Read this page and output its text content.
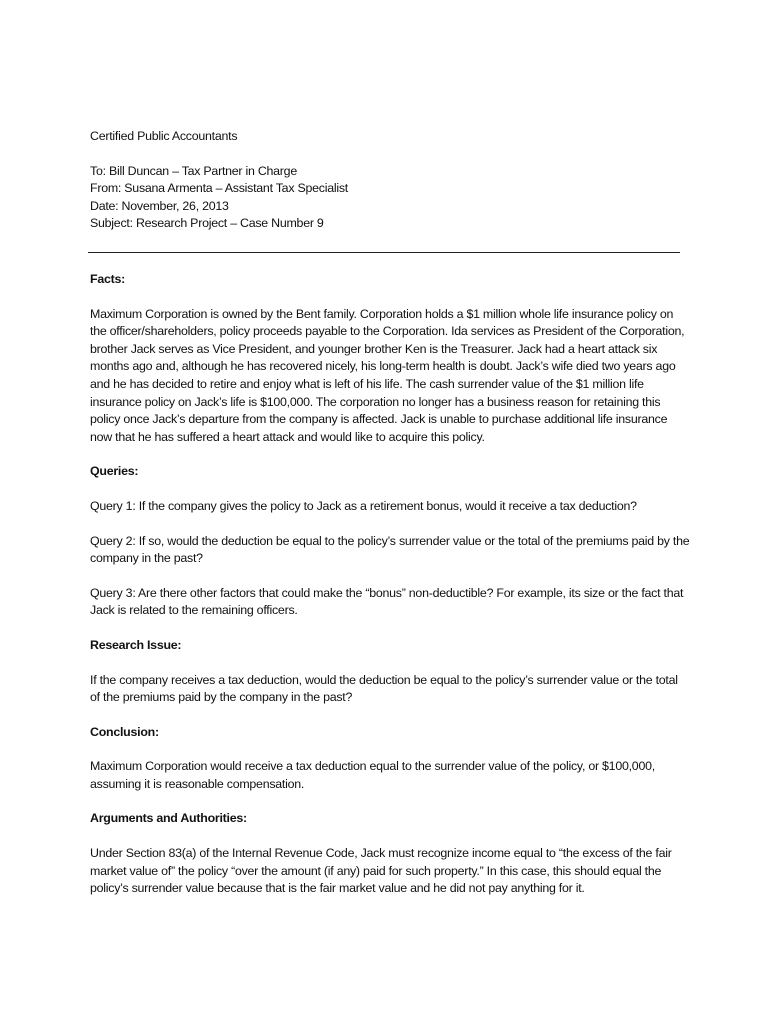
Certified Public Accountants

To: Bill Duncan – Tax Partner in Charge

From: Susana Armenta – Assistant Tax Specialist

Date: November, 26, 2013

Subject: Research Project – Case Number 9

Facts:

Maximum Corporation is owned by the Bent family. Corporation holds a $1 million whole life insurance policy on the officer/shareholders, policy proceeds payable to the Corporation. Ida services as President of the Corporation, brother Jack serves as Vice President, and younger brother Ken is the Treasurer. Jack had a heart attack six months ago and, although he has recovered nicely, his long-term health is doubt. Jack’s wife died two years ago and he has decided to retire and enjoy what is left of his life. The cash surrender value of the $1 million life insurance policy on Jack’s life is $100,000. The corporation no longer has a business reason for retaining this policy once Jack’s departure from the company is affected. Jack is unable to purchase additional life insurance now that he has suffered a heart attack and would like to acquire this policy.

Queries:

Query 1: If the company gives the policy to Jack as a retirement bonus, would it receive a tax deduction?

Query 2: If so, would the deduction be equal to the policy’s surrender value or the total of the premiums paid by the company in the past?

Query 3: Are there other factors that could make the “bonus” non-deductible? For example, its size or the fact that Jack is related to the remaining officers.

Research Issue:

If the company receives a tax deduction, would the deduction be equal to the policy’s surrender value or the total of the premiums paid by the company in the past?

Conclusion:

Maximum Corporation would receive a tax deduction equal to the surrender value of the policy, or $100,000, assuming it is reasonable compensation.

Arguments and Authorities:

Under Section 83(a) of the Internal Revenue Code, Jack must recognize income equal to “the excess of the fair market value of” the policy “over the amount (if any) paid for such property.” In this case, this should equal the policy’s surrender value because that is the fair market value and he did not pay anything for it.
